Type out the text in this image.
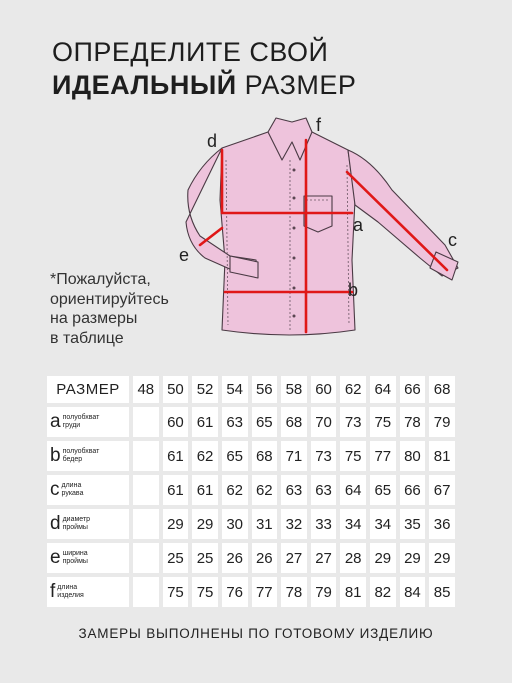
ОПРЕДЕЛИТЕ СВОЙ
ИДЕАЛЬНЫЙ РАЗМЕР
d
f
a
c
e
b
*Пожалуйста,
ориентируйтесь
на размеры
в таблице
РАЗМЕР	48	50	52	54	56	58	60	62	64	66	68
a полуобхват
груди		60	61	63	65	68	70	73	75	78	79
b полуобхват
бедер		61	62	65	68	71	73	75	77	80	81
c длина
рукава		61	61	62	62	63	63	64	65	66	67
d диаметр
проймы		29	29	30	31	32	33	34	34	35	36
e ширина
проймы		25	25	26	26	27	27	28	29	29	29
f длина
изделия		75	75	76	77	78	79	81	82	84	85
ЗАМЕРЫ ВЫПОЛНЕНЫ ПО ГОТОВОМУ ИЗДЕЛИЮ
